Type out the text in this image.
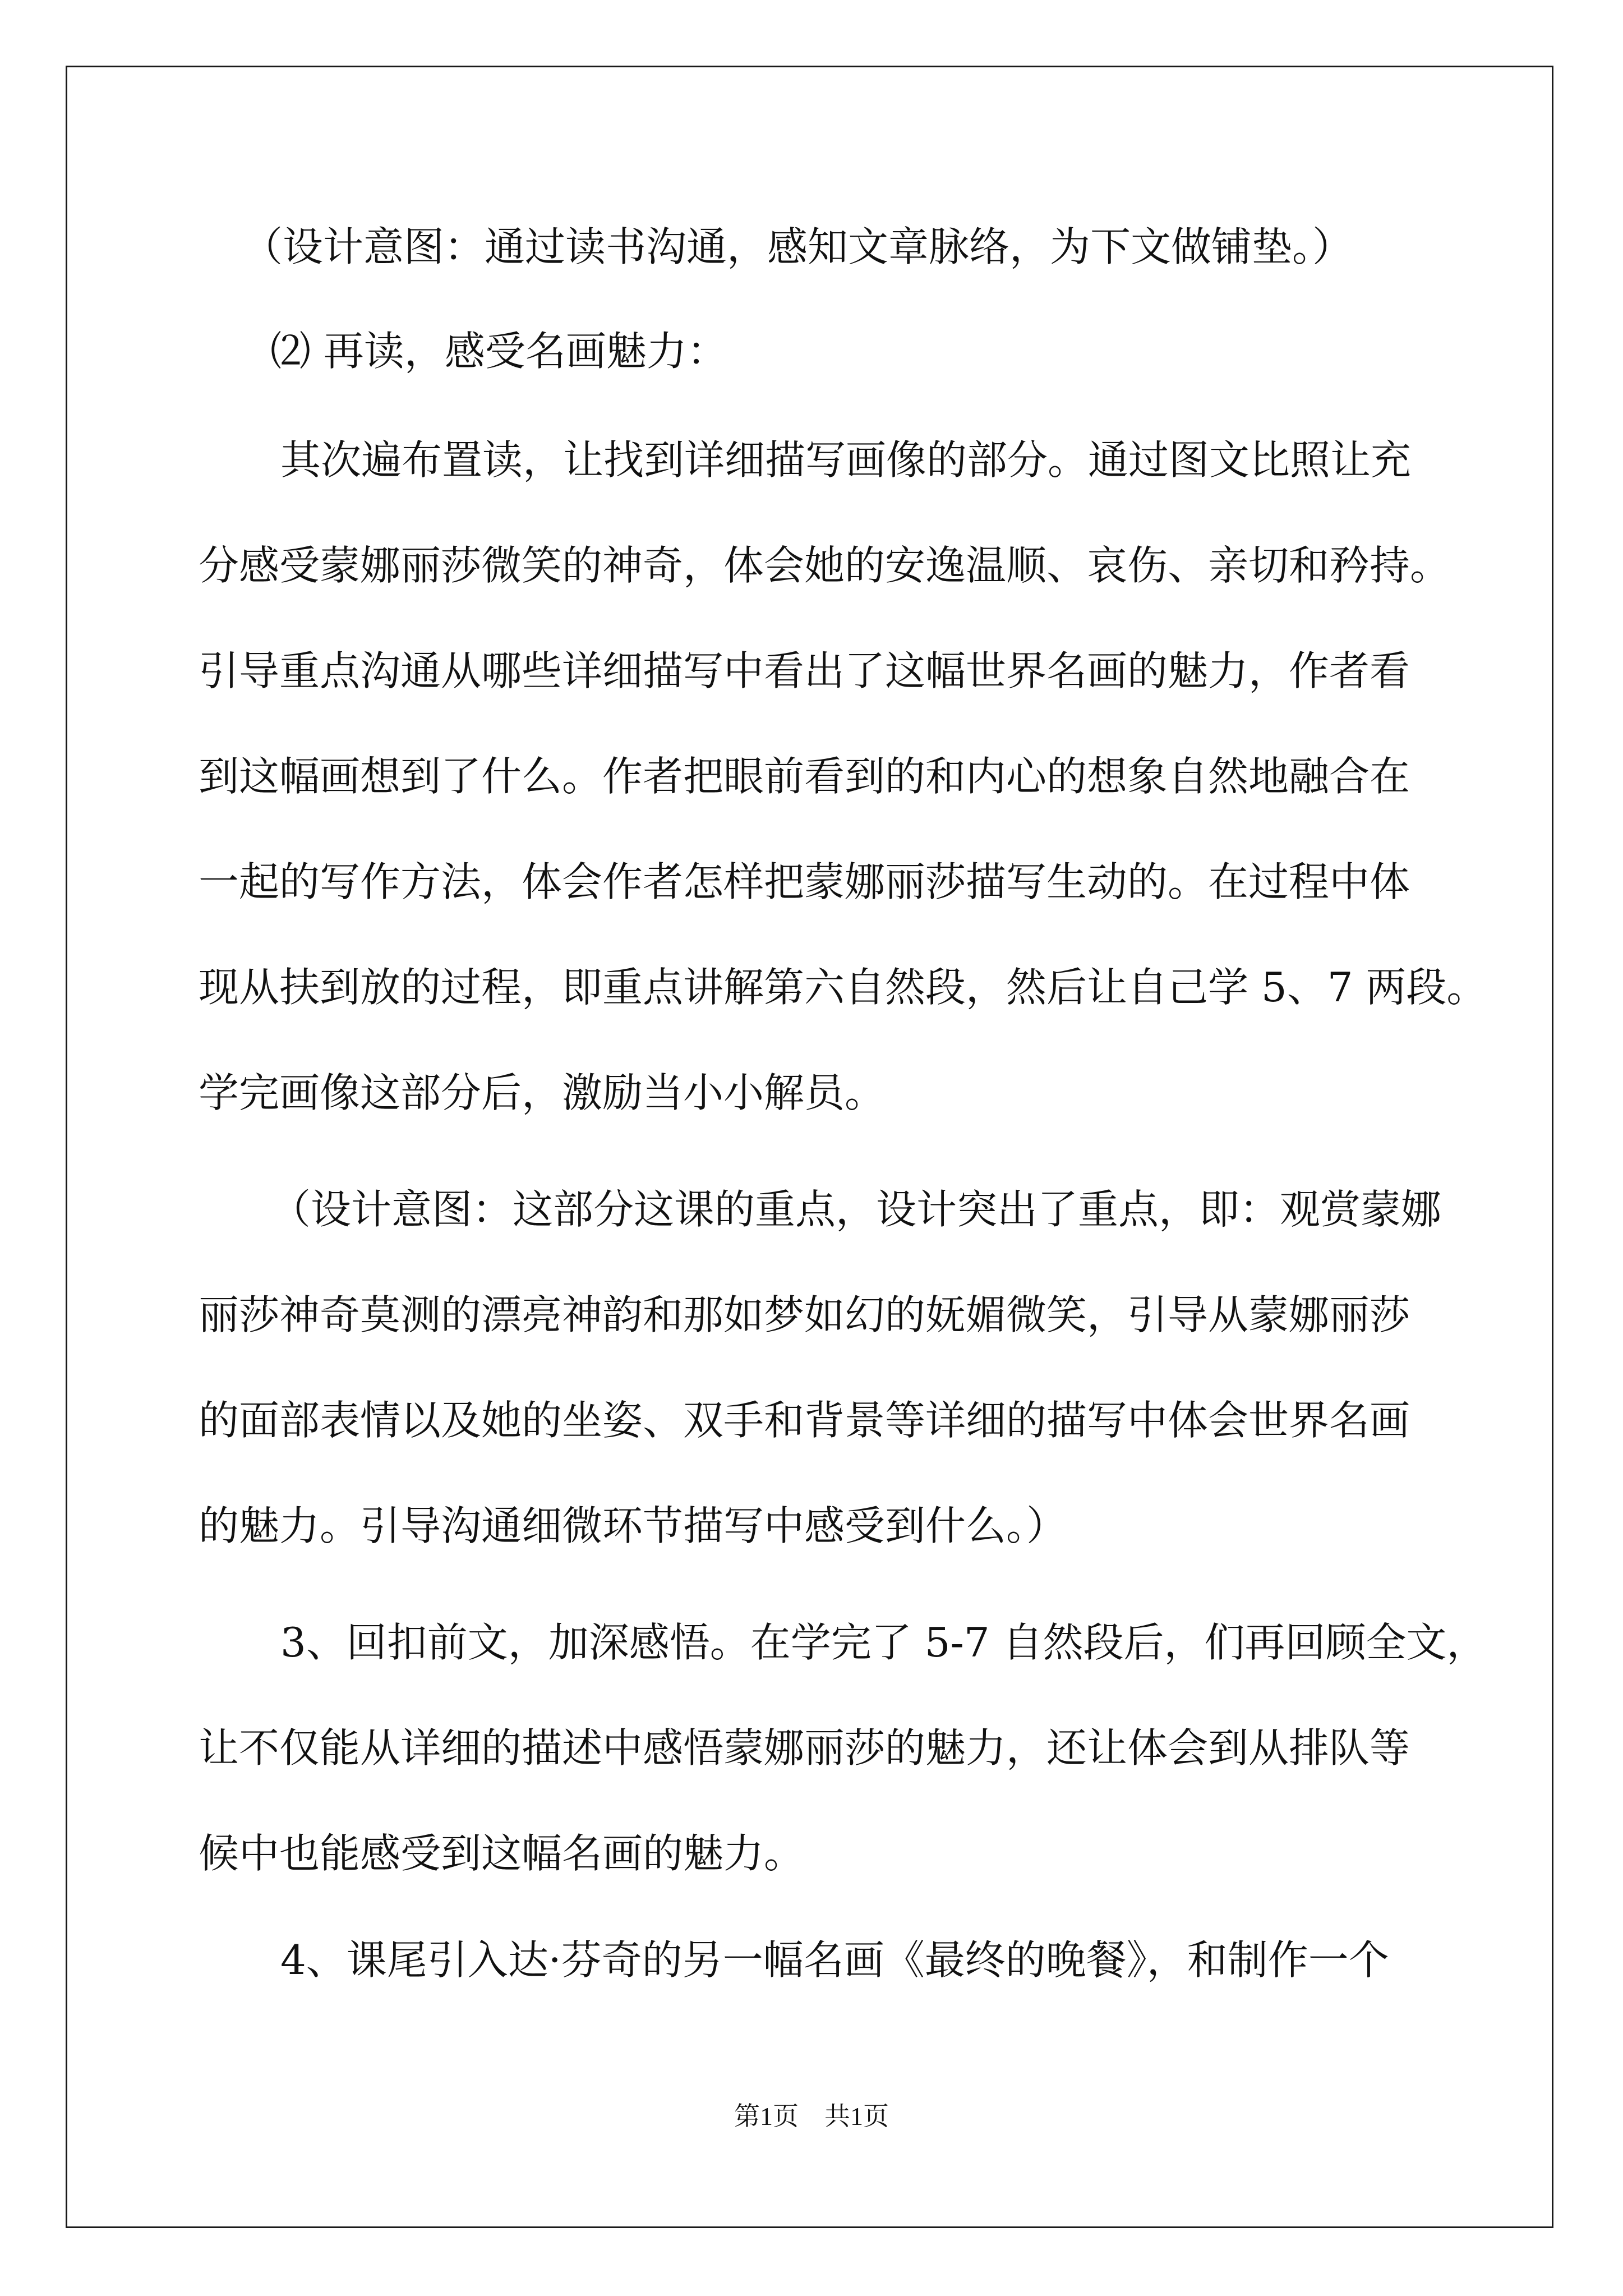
（设计意图：通过读书沟通，感知文章脉络，为下文做铺垫。）

⑵ 再读，感受名画魅力：

其次遍布置读，让找到详细描写画像的部分。通过图文比照让充

分感受蒙娜丽莎微笑的神奇，体会她的安逸温顺、哀伤、亲切和矜持。

引导重点沟通从哪些详细描写中看出了这幅世界名画的魅力，作者看

到这幅画想到了什么。作者把眼前看到的和内心的想象自然地融合在

一起的写作方法，体会作者怎样把蒙娜丽莎描写生动的。在过程中体

现从扶到放的过程，即重点讲解第六自然段，然后让自己学 5、7 两段。

学完画像这部分后，激励当小小解员。

（设计意图：这部分这课的重点，设计突出了重点，即：观赏蒙娜

丽莎神奇莫测的漂亮神韵和那如梦如幻的妩媚微笑，引导从蒙娜丽莎

的面部表情以及她的坐姿、双手和背景等详细的描写中体会世界名画

的魅力。引导沟通细微环节描写中感受到什么。）

3、回扣前文，加深感悟。在学完了 5-7 自然段后，们再回顾全文，

让不仅能从详细的描述中感悟蒙娜丽莎的魅力，还让体会到从排队等

候中也能感受到这幅名画的魅力。

4、课尾引入达·芬奇的另一幅名画《最终的晚餐》，和制作一个

第1页　共1页
